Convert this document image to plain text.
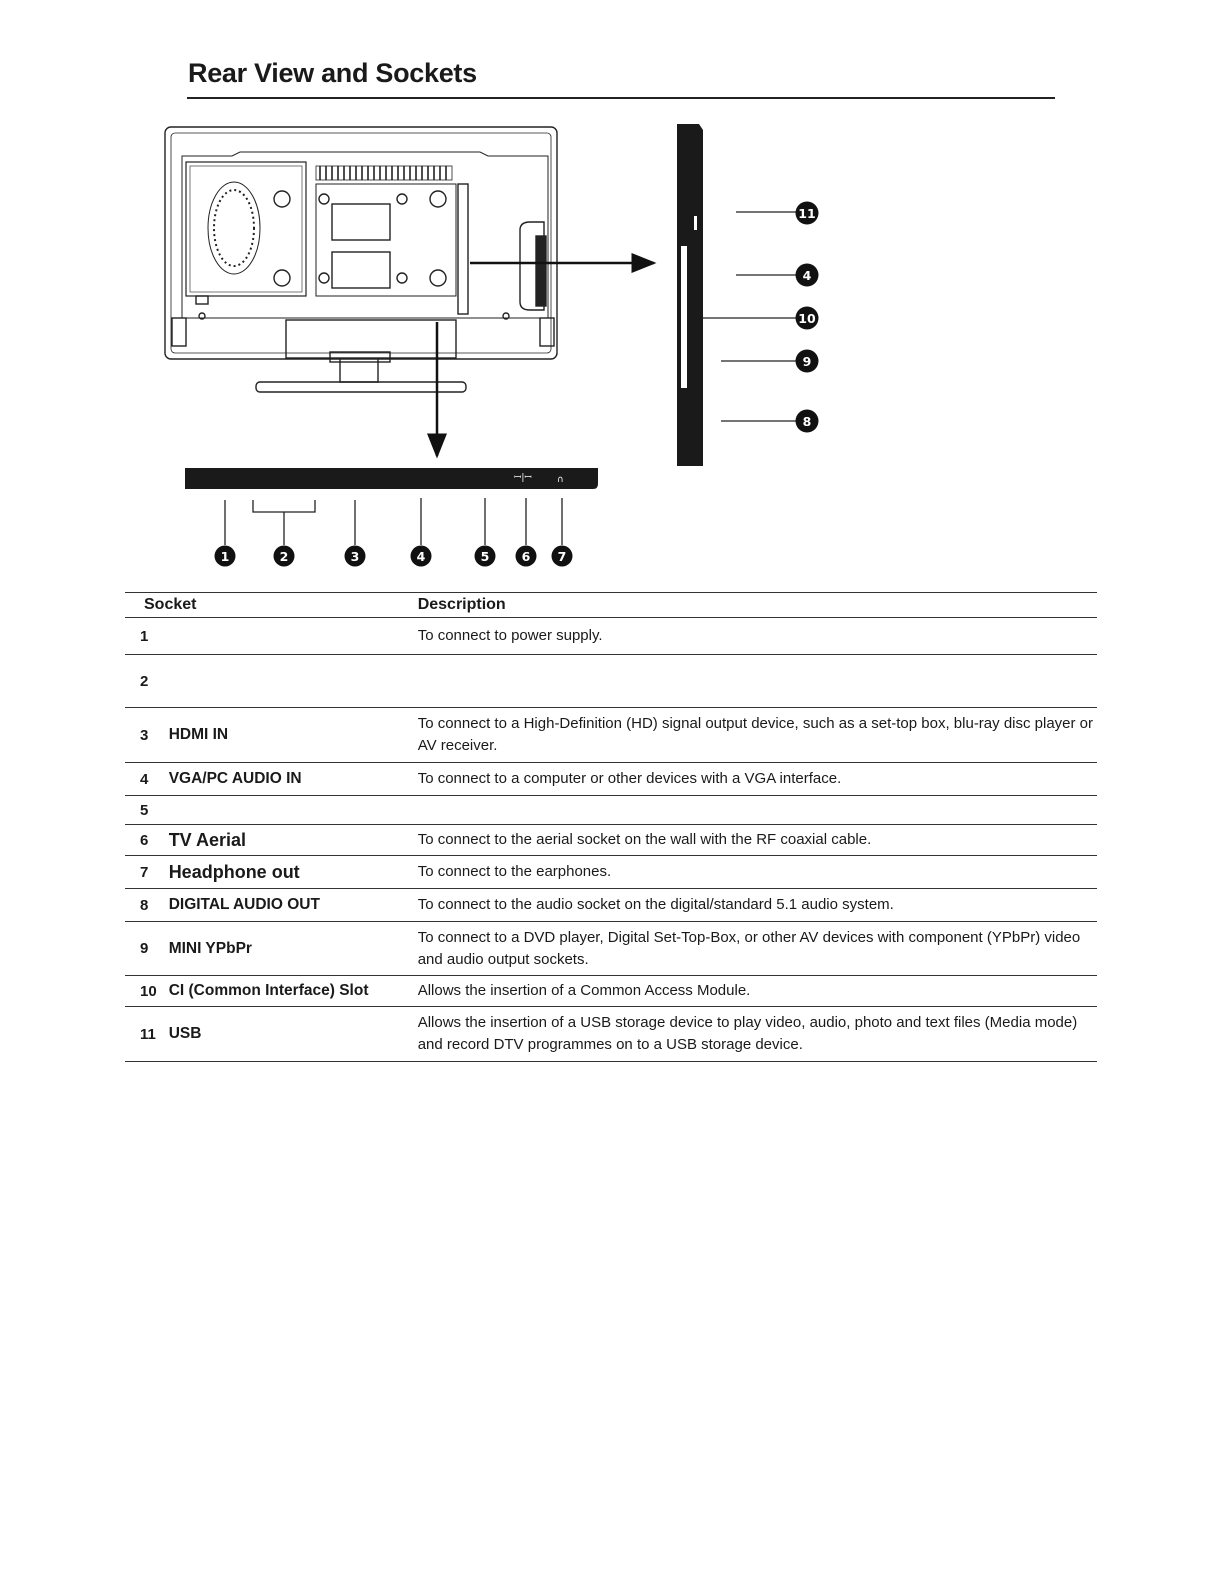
Rear View and Sockets
ꟷ|ꟷ	∩
1	2	3	4	5	6 7
11
4
10
9
8
Socket		Description
1		To connect to power supply.
2		
3	HDMI IN	To connect to a High-Definition (HD) signal output device, such as a set-top box, blu-ray disc player or AV receiver.
4	VGA/PC AUDIO IN	To connect to a computer or other devices with a VGA interface.
5		
6	TV Aerial	To connect to the aerial socket on the wall with the RF coaxial cable.
7	Headphone out	To connect to the earphones.
8	DIGITAL AUDIO OUT	To connect to the audio socket on the digital/standard 5.1 audio system.
9	MINI YPbPr	To connect to a DVD player, Digital Set-Top-Box, or other AV devices with component (YPbPr) video and audio output sockets.
10	CI (Common Interface) Slot	Allows the insertion of a Common Access Module.
11	USB	Allows the insertion of a USB storage device to play video, audio, photo and text files (Media mode) and record DTV programmes on to a USB storage device.
